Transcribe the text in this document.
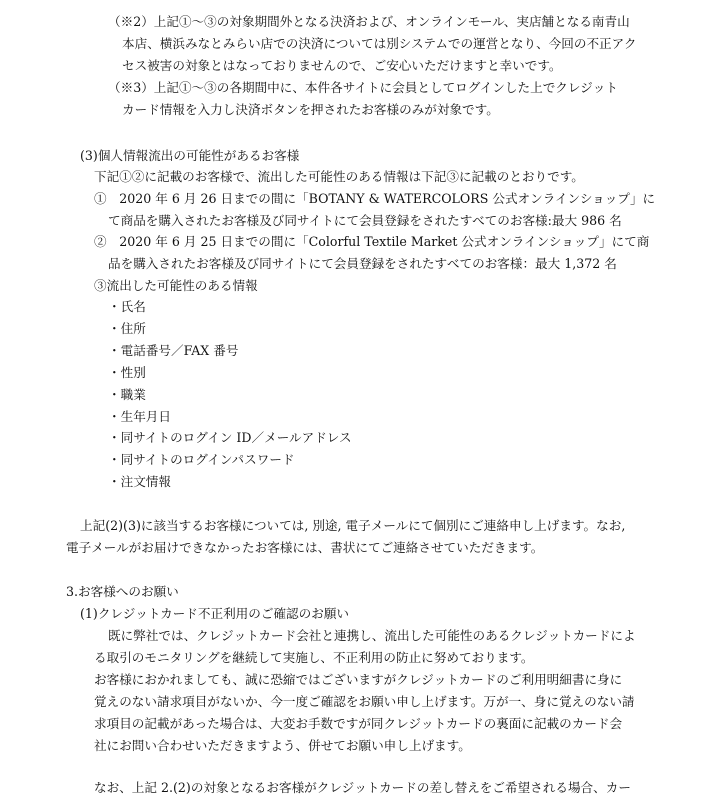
（※2）上記①～③の対象期間外となる決済および、オンラインモール、実店舗となる南青山
本店、横浜みなとみらい店での決済については別システムでの運営となり、今回の不正アク
セス被害の対象とはなっておりませんので、ご安心いただけますと幸いです。
（※3）上記①～③の各期間中に、本件各サイトに会員としてログインした上でクレジット
カード情報を入力し決済ボタンを押されたお客様のみが対象です。
(3)個人情報流出の可能性があるお客様
下記①②に記載のお客様で、流出した可能性のある情報は下記③に記載のとおりです。
①　2020 年 6 月 26 日までの間に「BOTANY & WATERCOLORS 公式オンラインショップ」に
て商品を購入されたお客様及び同サイトにて会員登録をされたすべてのお客様:最大 986 名
②　2020 年 6 月 25 日までの間に「Colorful Textile Market 公式オンラインショップ」にて商
品を購入されたお客様及び同サイトにて会員登録をされたすべてのお客様：最大 1,372 名
③流出した可能性のある情報
・氏名
・住所
・電話番号／FAX 番号
・性別
・職業
・生年月日
・同サイトのログイン ID／メールアドレス
・同サイトのログインパスワード
・注文情報
上記(2)(3)に該当するお客様については, 別途, 電子メールにて個別にご連絡申し上げます。なお,
電子メールがお届けできなかったお客様には、書状にてご連絡させていただきます。
3.お客様へのお願い
(1)クレジットカード不正利用のご確認のお願い
既に弊社では、クレジットカード会社と連携し、流出した可能性のあるクレジットカードによ
る取引のモニタリングを継続して実施し、不正利用の防止に努めております。
お客様におかれましても、誠に恐縮ではございますがクレジットカードのご利用明細書に身に
覚えのない請求項目がないか、今一度ご確認をお願い申し上げます。万が一、身に覚えのない請
求項目の記載があった場合は、大変お手数ですが同クレジットカードの裏面に記載のカード会
社にお問い合わせいただきますよう、併せてお願い申し上げます。
なお、上記 2.(2)の対象となるお客様がクレジットカードの差し替えをご希望される場合、カー
